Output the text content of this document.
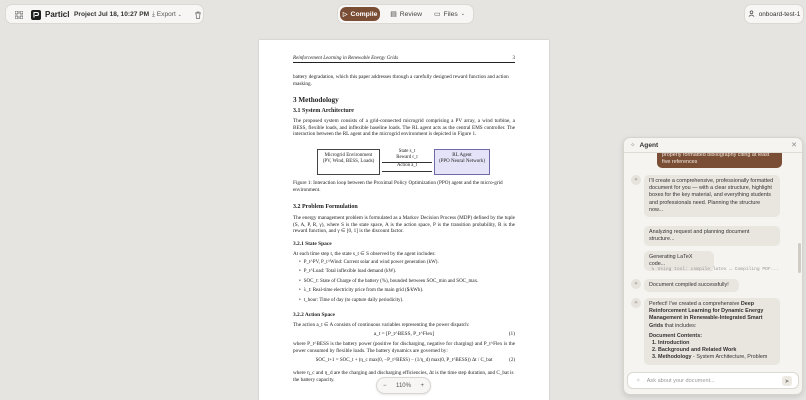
Particl Project Jul 18, 10:27 PM ⤓ Export ⌄	▷ Compile ▤ Review ▭ Files ⌄	onboard-test-1
Reinforcement Learning in Renewable Energy Grids	3
battery degradation, which this paper addresses through a carefully designed reward function and action masking.
3 Methodology
3.1 System Architecture
The proposed system consists of a grid-connected microgrid comprising a PV array, a wind turbine, a BESS, flexible loads, and inflexible baseline loads. The RL agent acts as the central EMS controller. The interaction between the RL agent and the microgrid environment is depicted in Figure 1.
Microgrid Environment
(PV, Wind, BESS, Loads)
RL Agent
(PPO Neural Network)
State s_t
Reward r_t
Action a_t
Figure 1: Interaction loop between the Proximal Policy Optimization (PPO) agent and the micro-grid environment.
3.2 Problem Formulation
The energy management problem is formulated as a Markov Decision Process (MDP) defined by the tuple (S, A, P, R, γ), where S is the state space, A is the action space, P is the transition probability, R is the reward function, and γ ∈ [0, 1] is the discount factor.
3.2.1 State Space
At each time step t, the state s_t ∈ S observed by the agent includes:
• P_t^PV, P_t^Wind: Current solar and wind power generation (kW).
• P_t^Load: Total inflexible load demand (kW).
• SOC_t: State of Charge of the battery (%), bounded between SOC_min and SOC_max.
• λ_t: Real-time electricity price from the main grid ($/kWh).
• t_hour: Time of day (to capture daily periodicity).
3.2.2 Action Space
The action a_t ∈ A consists of continuous variables representing the power dispatch:
a_t = [P_t^BESS, P_t^Flex]	(1)
where P_t^BESS is the battery power (positive for discharging, negative for charging) and P_t^Flex is the power consumed by flexible loads. The battery dynamics are governed by:
SOC_t+1 = SOC_t + (η_c max(0, −P_t^BESS) − (1/η_d) max(0, P_t^BESS)) Δt / C_bat	(2)
where η_c and η_d are the charging and discharging efficiencies, Δt is the time step duration, and C_bat is the battery capacity.
− 110% +
✧ Agent	✕
properly formatted bibliography citing at least five references
✧	I'll create a comprehensive, professionally formatted document for you — with a clear structure, highlight boxes for the key material, and everything students and professionals need. Planning the structure now...
Analyzing request and planning document structure...
Generating LaTeX code...
↳ Using tool: compile_latex → Compiling PDF...
✧	Document compiled successfully!
✧	Perfect! I've created a comprehensive Deep Reinforcement Learning for Dynamic Energy Management in Renewable-Integrated Smart Grids that includes:
Document Contents:
1. Introduction
2. Background and Related Work
3. Methodology - System Architecture, Problem
✧ Ask about your document...	➤
